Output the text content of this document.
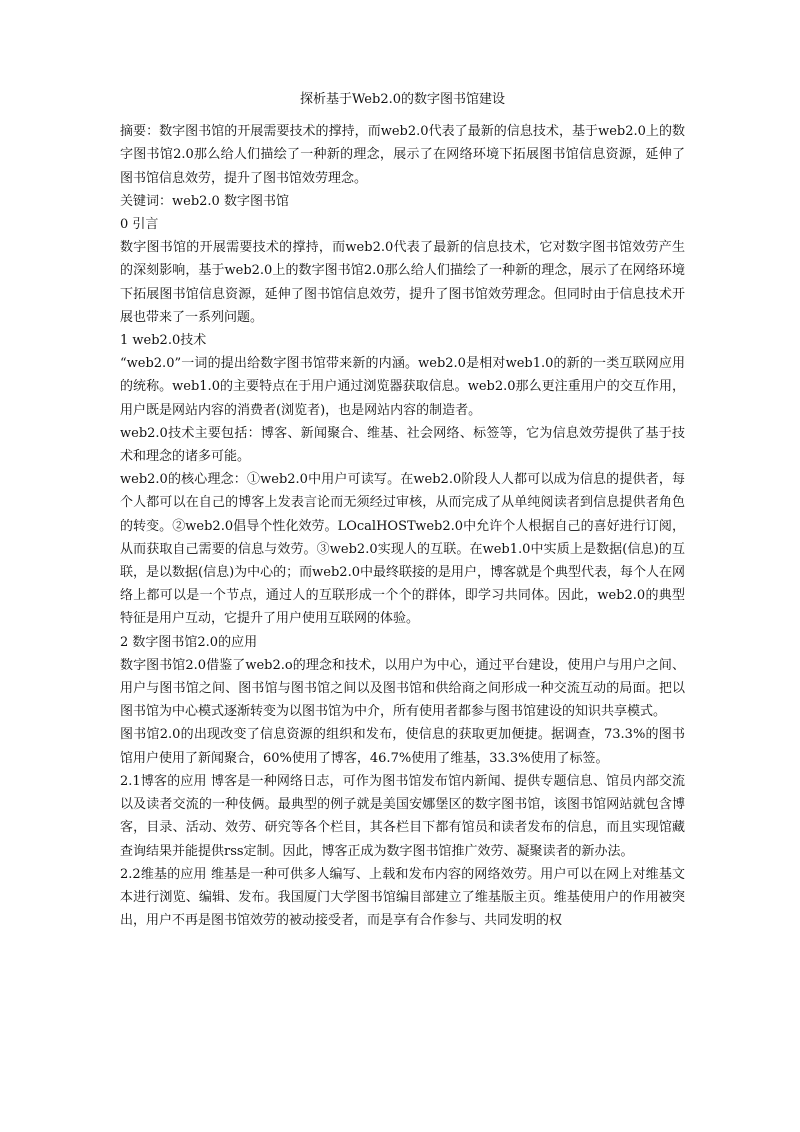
探析基于Web2.0的数字图书馆建设

摘要：数字图书馆的开展需要技术的撑持，而web2.0代表了最新的信息技术，基于web2.0上的数字图书馆2.0那么给人们描绘了一种新的理念，展示了在网络环境下拓展图书馆信息资源，延伸了图书馆信息效劳，提升了图书馆效劳理念。

关键词：web2.0 数字图书馆

0 引言

数字图书馆的开展需要技术的撑持，而web2.0代表了最新的信息技术，它对数字图书馆效劳产生的深刻影响，基于web2.0上的数字图书馆2.0那么给人们描绘了一种新的理念，展示了在网络环境下拓展图书馆信息资源，延伸了图书馆信息效劳，提升了图书馆效劳理念。但同时由于信息技术开展也带来了一系列问题。

1 web2.0技术

“web2.0”一词的提出给数字图书馆带来新的内涵。web2.0是相对web1.0的新的一类互联网应用的统称。web1.0的主要特点在于用户通过浏览器获取信息。web2.0那么更注重用户的交互作用，用户既是网站内容的消费者(浏览者)，也是网站内容的制造者。

web2.0技术主要包括：博客、新闻聚合、维基、社会网络、标签等，它为信息效劳提供了基于技术和理念的诸多可能。

web2.0的核心理念：①web2.0中用户可读写。在web2.0阶段人人都可以成为信息的提供者，每个人都可以在自己的博客上发表言论而无须经过审核，从而完成了从单纯阅读者到信息提供者角色的转变。②web2.0倡导个性化效劳。LOcalHOSTweb2.0中允许个人根据自己的喜好进行订阅，从而获取自己需要的信息与效劳。③web2.0实现人的互联。在web1.0中实质上是数据(信息)的互联，是以数据(信息)为中心的；而web2.0中最终联接的是用户，博客就是个典型代表，每个人在网络上都可以是一个节点，通过人的互联形成一个个的群体，即学习共同体。因此，web2.0的典型特征是用户互动，它提升了用户使用互联网的体验。

2 数字图书馆2.0的应用

数字图书馆2.0借鉴了web2.o的理念和技术，以用户为中心，通过平台建设，使用户与用户之间、用户与图书馆之间、图书馆与图书馆之间以及图书馆和供给商之间形成一种交流互动的局面。把以图书馆为中心模式逐渐转变为以图书馆为中介，所有使用者都参与图书馆建设的知识共享模式。

图书馆2.0的出现改变了信息资源的组织和发布，使信息的获取更加便捷。据调查，73.3%的图书馆用户使用了新闻聚合，60%使用了博客，46.7%使用了维基，33.3%使用了标签。

2.1博客的应用 博客是一种网络日志，可作为图书馆发布馆内新闻、提供专题信息、馆员内部交流以及读者交流的一种伎俩。最典型的例子就是美国安娜堡区的数字图书馆，该图书馆网站就包含博客，目录、活动、效劳、研究等各个栏目，其各栏目下都有馆员和读者发布的信息，而且实现馆藏查询结果并能提供rss定制。因此，博客正成为数字图书馆推广效劳、凝聚读者的新办法。

2.2维基的应用 维基是一种可供多人编写、上载和发布内容的网络效劳。用户可以在网上对维基文本进行浏览、编辑、发布。我国厦门大学图书馆编目部建立了维基版主页。维基使用户的作用被突出，用户不再是图书馆效劳的被动接受者，而是享有合作参与、共同发明的权
